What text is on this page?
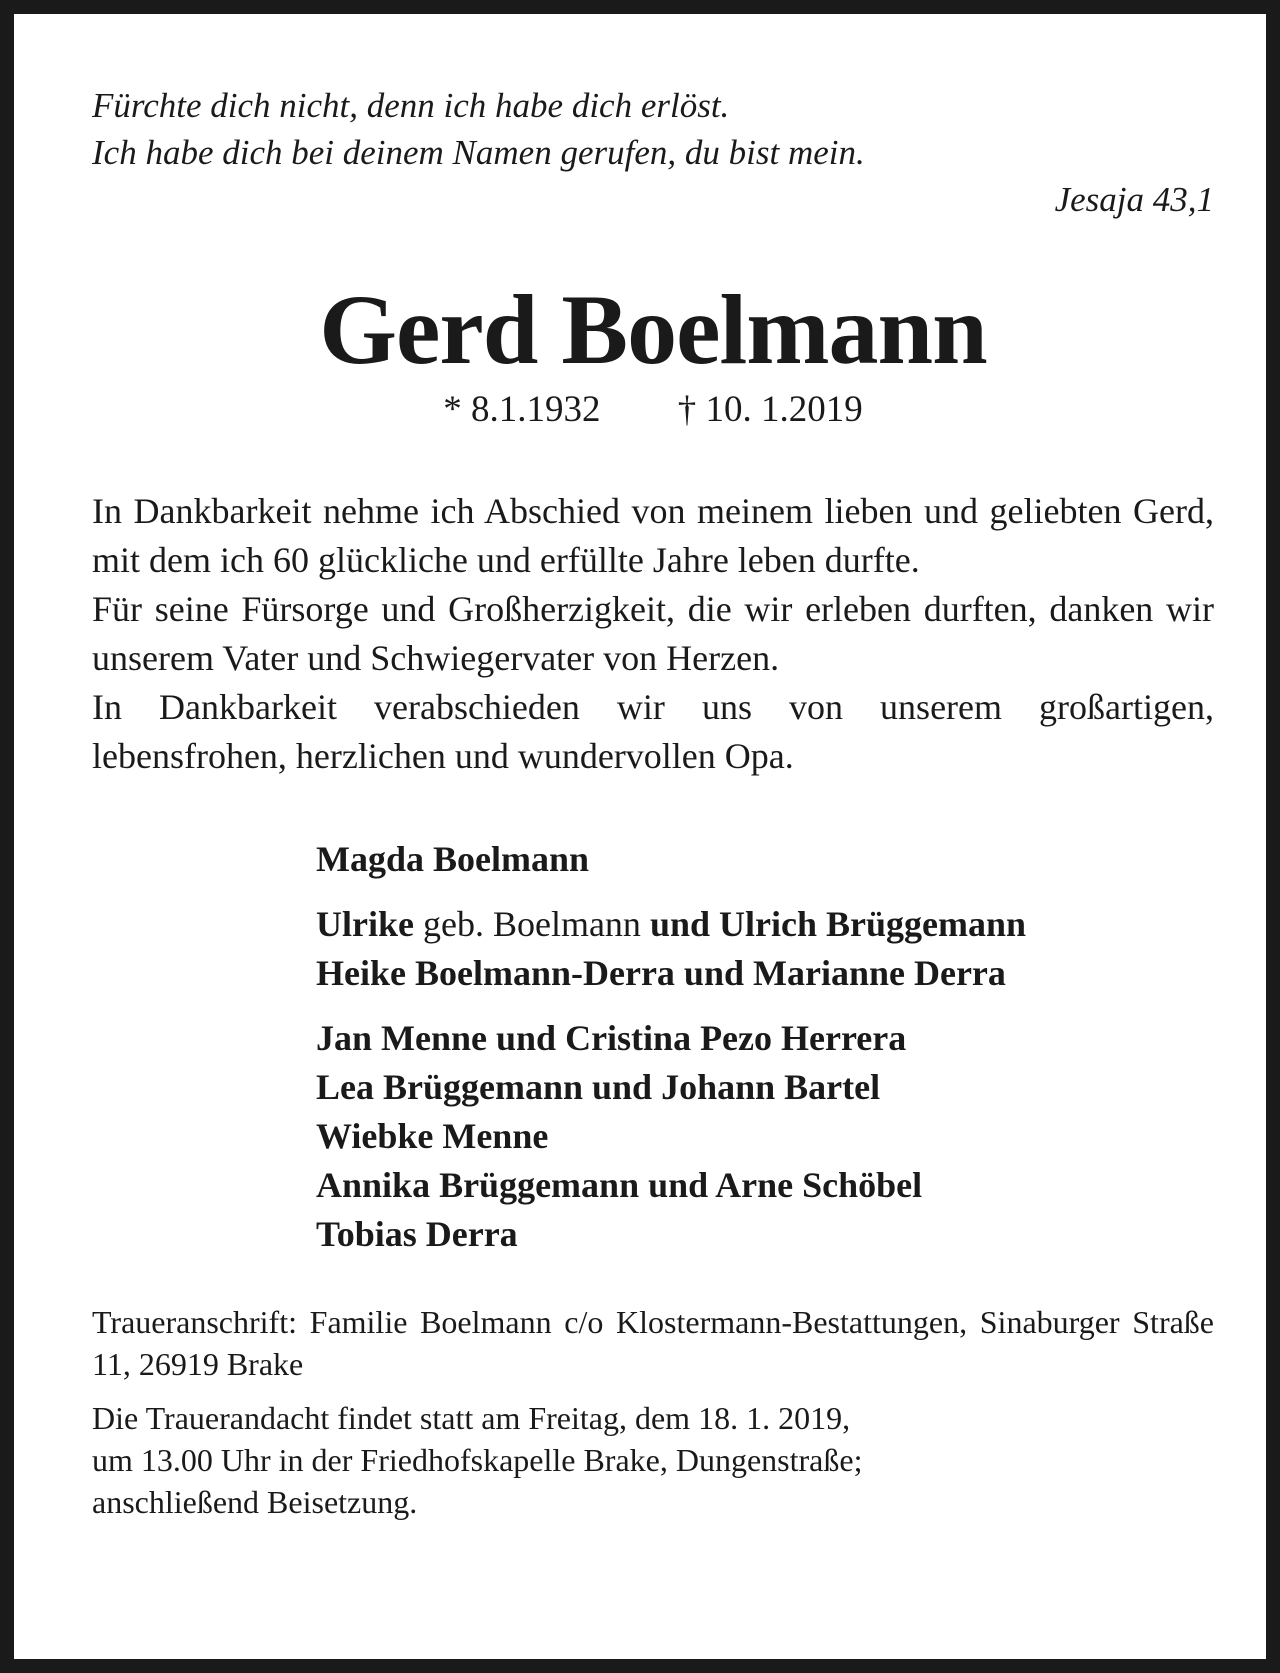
Fürchte dich nicht, denn ich habe dich erlöst.
Ich habe dich bei deinem Namen gerufen, du bist mein.
Jesaja 43,1
Gerd Boelmann
* 8.1.1932 † 10. 1.2019
In Dankbarkeit nehme ich Abschied von meinem lieben und geliebten Gerd, mit dem ich 60 glückliche und erfüllte Jahre leben durfte.
Für seine Fürsorge und Großherzigkeit, die wir erleben durften, danken wir unserem Vater und Schwiegervater von Herzen.
In Dankbarkeit verabschieden wir uns von unserem großartigen, lebensfrohen, herzlichen und wundervollen Opa.
Magda Boelmann
Ulrike geb. Boelmann und Ulrich Brüggemann
Heike Boelmann-Derra und Marianne Derra
Jan Menne und Cristina Pezo Herrera
Lea Brüggemann und Johann Bartel
Wiebke Menne
Annika Brüggemann und Arne Schöbel
Tobias Derra
Traueranschrift: Familie Boelmann c/o Klostermann-Bestattungen, Sinaburger Straße 11, 26919 Brake
Die Trauerandacht findet statt am Freitag, dem 18. 1. 2019,
um 13.00 Uhr in der Friedhofskapelle Brake, Dungenstraße;
anschließend Beisetzung.
